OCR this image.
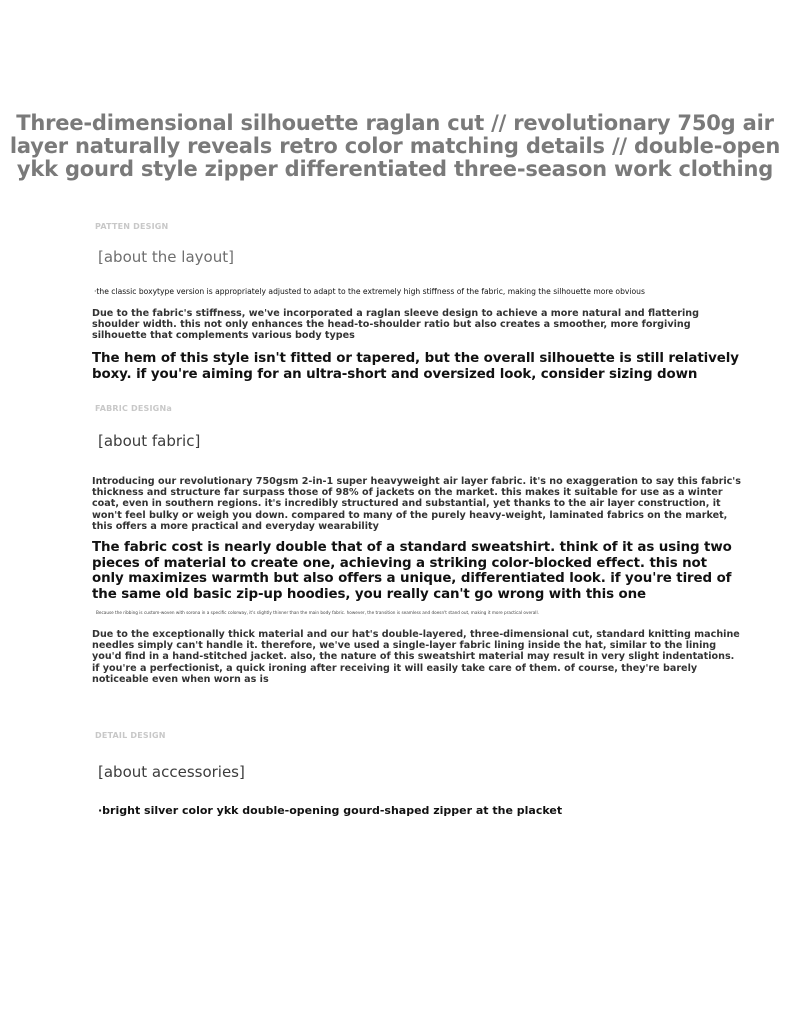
Three-dimensional silhouette raglan cut // revolutionary 750g air layer naturally reveals retro color matching details // double-open ykk gourd style zipper differentiated three-season work clothing
PATTEN DESIGN
[about the layout]

·the classic boxytype version is appropriately adjusted to adapt to the extremely high stiffness of the fabric, making the silhouette more obvious

Due to the fabric's stiffness, we've incorporated a raglan sleeve design to achieve a more natural and flattering shoulder width. this not only enhances the head-to-shoulder ratio but also creates a smoother, more forgiving silhouette that complements various body types

The hem of this style isn't fitted or tapered, but the overall silhouette is still relatively boxy. if you're aiming for an ultra-short and oversized look, consider sizing down

FABRIC DESIGNa
[about fabric]

Introducing our revolutionary 750gsm 2-in-1 super heavyweight air layer fabric. it's no exaggeration to say this fabric's thickness and structure far surpass those of 98% of jackets on the market. this makes it suitable for use as a winter coat, even in southern regions. it's incredibly structured and substantial, yet thanks to the air layer construction, it won't feel bulky or weigh you down. compared to many of the purely heavy-weight, laminated fabrics on the market, this offers a more practical and everyday wearability

The fabric cost is nearly double that of a standard sweatshirt. think of it as using two pieces of material to create one, achieving a striking color-blocked effect. this not only maximizes warmth but also offers a unique, differentiated look. if you're tired of the same old basic zip-up hoodies, you really can't go wrong with this one

Because the ribbing is custom-woven with sorona in a specific colorway, it's slightly thinner than the main body fabric. however, the transition is seamless and doesn't stand out, making it more practical overall.

Due to the exceptionally thick material and our hat's double-layered, three-dimensional cut, standard knitting machine needles simply can't handle it. therefore, we've used a single-layer fabric lining inside the hat, similar to the lining you'd find in a hand-stitched jacket. also, the nature of this sweatshirt material may result in very slight indentations. if you're a perfectionist, a quick ironing after receiving it will easily take care of them. of course, they're barely noticeable even when worn as is

DETAIL DESIGN
[about accessories]

·bright silver color ykk double-opening gourd-shaped zipper at the placket
